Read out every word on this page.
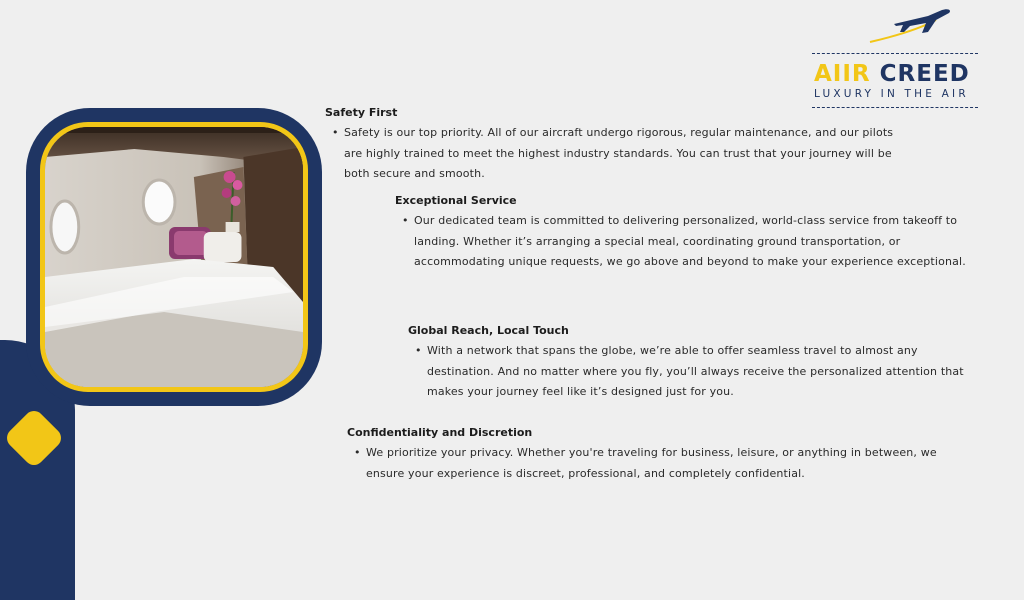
AIIR CREED
LUXURY IN THE AIR
Safety First
• Safety is our top priority. All of our aircraft undergo rigorous, regular maintenance, and our pilots are highly trained to meet the highest industry standards. You can trust that your journey will be both secure and smooth.
Exceptional Service
• Our dedicated team is committed to delivering personalized, world-class service from takeoff to landing. Whether it’s arranging a special meal, coordinating ground transportation, or accommodating unique requests, we go above and beyond to make your experience exceptional.
Global Reach, Local Touch
• With a network that spans the globe, we’re able to offer seamless travel to almost any destination. And no matter where you fly, you’ll always receive the personalized attention that makes your journey feel like it’s designed just for you.
Confidentiality and Discretion
• We prioritize your privacy. Whether you're traveling for business, leisure, or anything in between, we ensure your experience is discreet, professional, and completely confidential.
